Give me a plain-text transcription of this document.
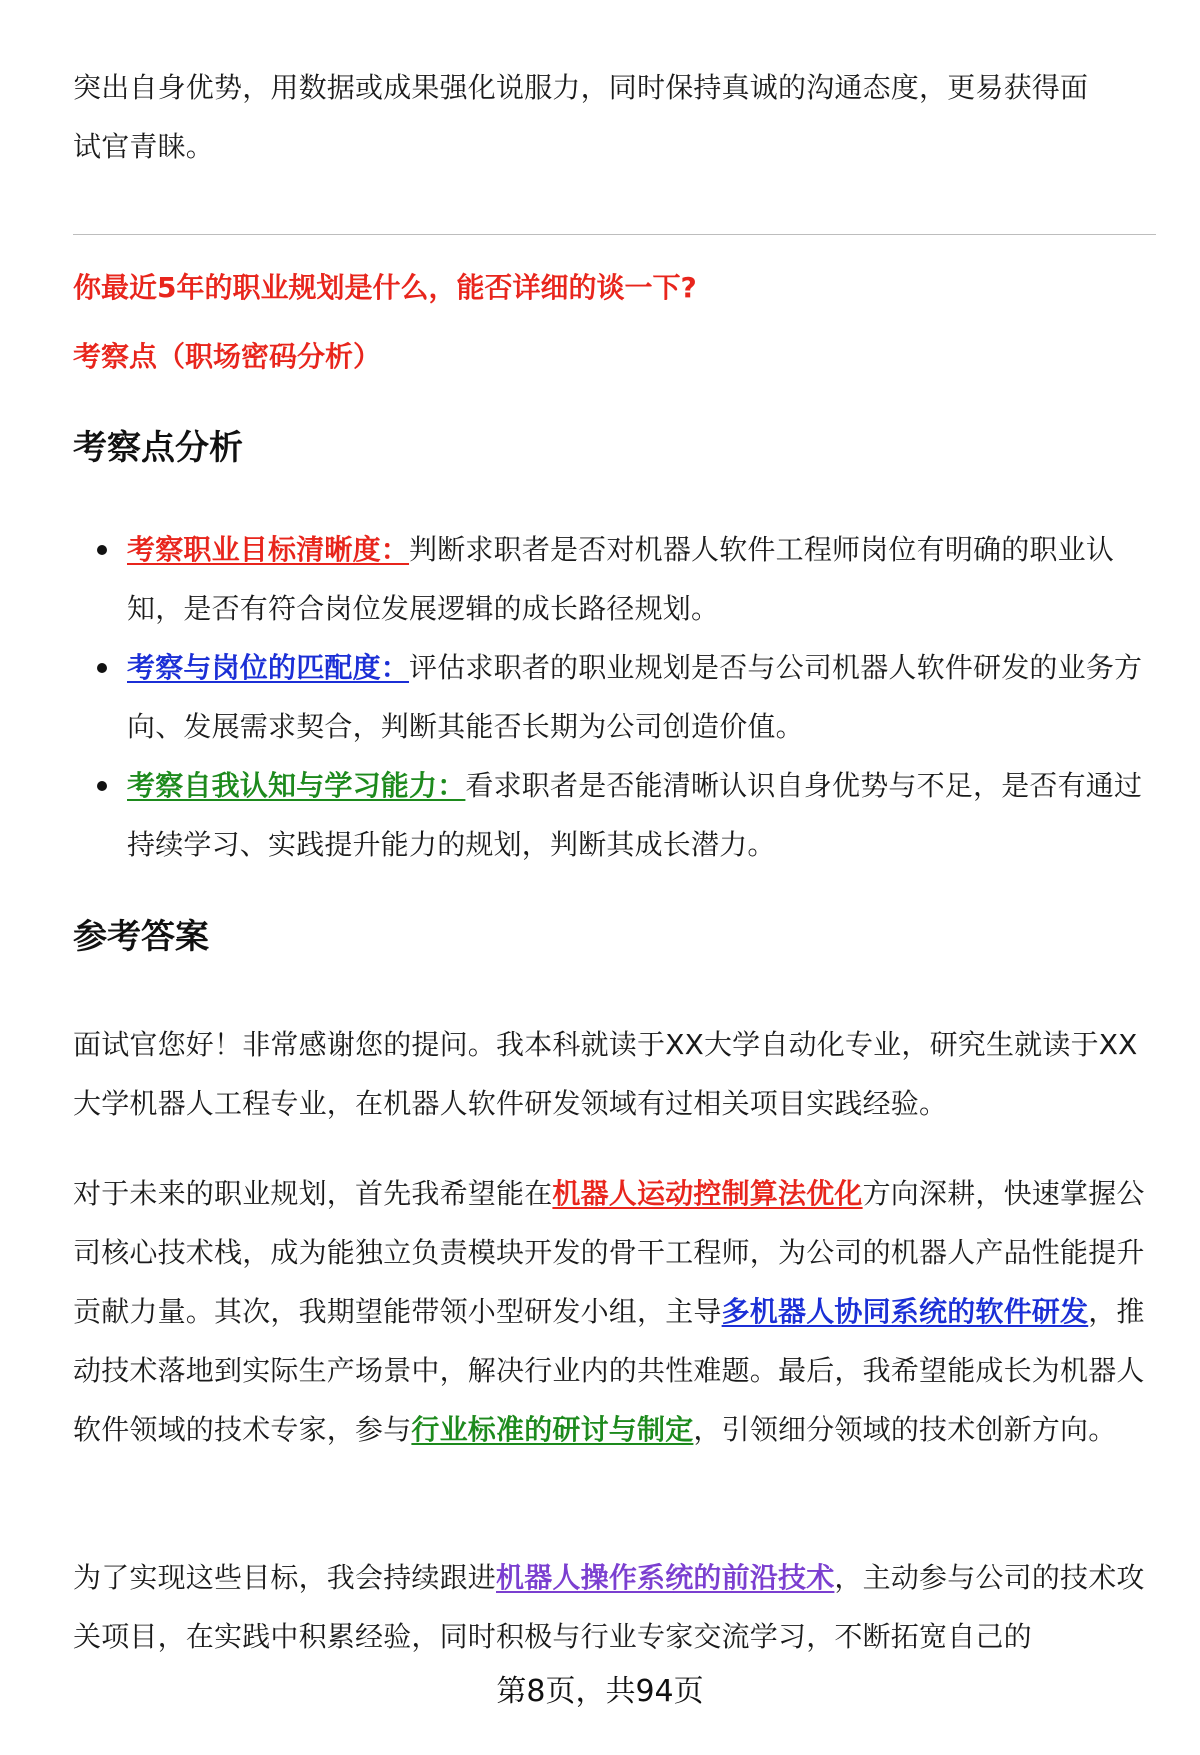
突出自身优势，用数据或成果强化说服力，同时保持真诚的沟通态度，更易获得面
试官青睐。

你最近5年的职业规划是什么，能否详细的谈一下?

考察点（职场密码分析）

考察点分析
考察职业目标清晰度：判断求职者是否对机器人软件工程师岗位有明确的职业认知，是否有符合岗位发展逻辑的成长路径规划。
考察与岗位的匹配度：评估求职者的职业规划是否与公司机器人软件研发的业务方向、发展需求契合，判断其能否长期为公司创造价值。
考察自我认知与学习能力：看求职者是否能清晰认识自身优势与不足，是否有通过持续学习、实践提升能力的规划，判断其成长潜力。
参考答案

面试官您好！非常感谢您的提问。我本科就读于XX大学自动化专业，研究生就读于XX大学机器人工程专业，在机器人软件研发领域有过相关项目实践经验。

对于未来的职业规划，首先我希望能在机器人运动控制算法优化方向深耕，快速掌握公司核心技术栈，成为能独立负责模块开发的骨干工程师，为公司的机器人产品性能提升贡献力量。其次，我期望能带领小型研发小组，主导多机器人协同系统的软件研发，推动技术落地到实际生产场景中，解决行业内的共性难题。最后，我希望能成长为机器人软件领域的技术专家，参与行业标准的研讨与制定，引领细分领域的技术创新方向。

为了实现这些目标，我会持续跟进机器人操作系统的前沿技术，主动参与公司的技术攻关项目，在实践中积累经验，同时积极与行业专家交流学习，不断拓宽自己的

第8页，共94页
